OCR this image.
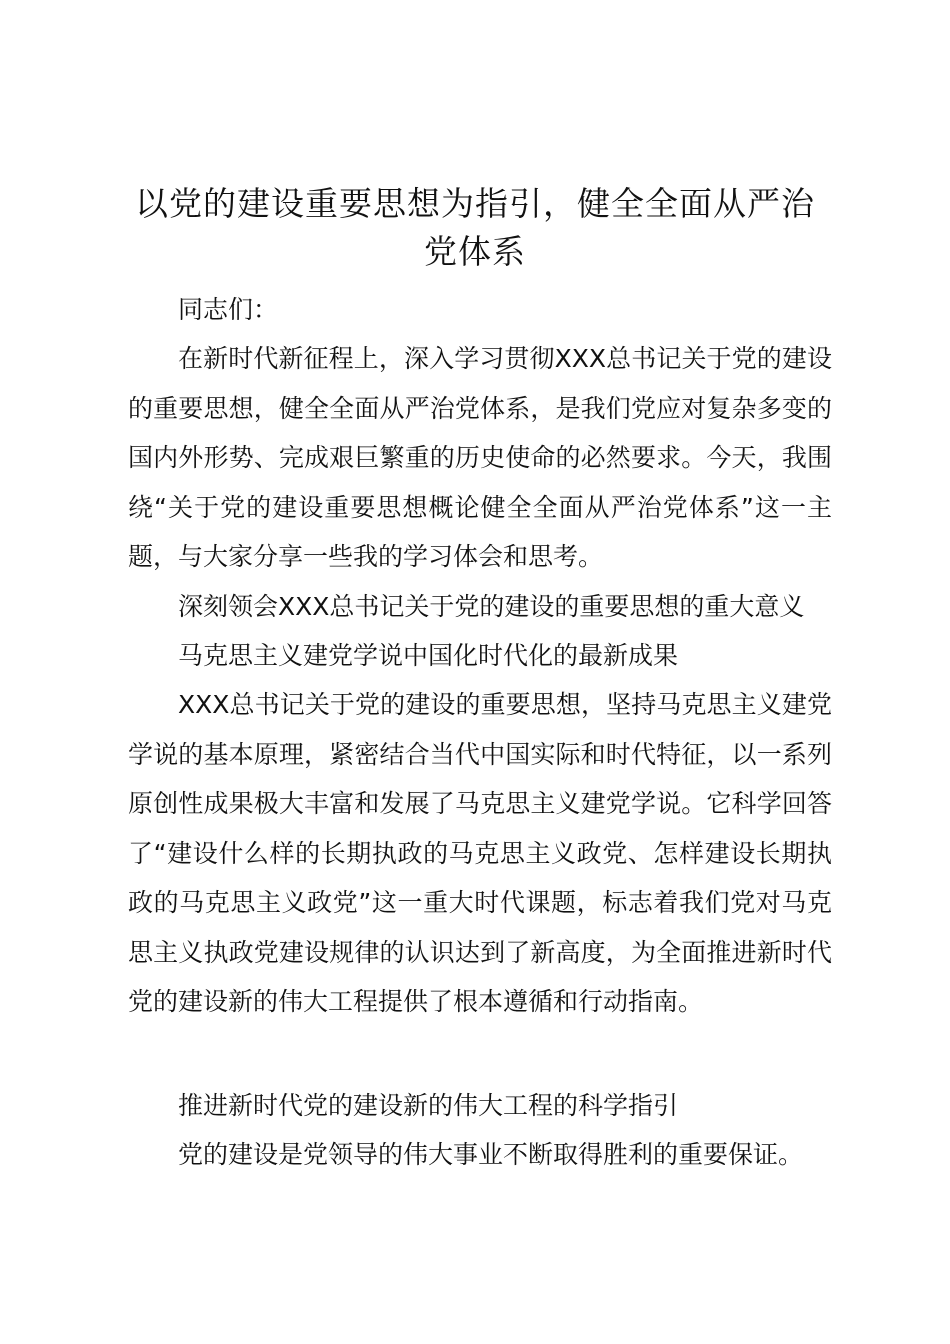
以党的建设重要思想为指引，健全全面从严治党体系

同志们：

在新时代新征程上，深入学习贯彻XXX总书记关于党的建设的重要思想，健全全面从严治党体系，是我们党应对复杂多变的国内外形势、完成艰巨繁重的历史使命的必然要求。今天，我围绕“关于党的建设重要思想概论健全全面从严治党体系”这一主题，与大家分享一些我的学习体会和思考。

深刻领会XXX总书记关于党的建设的重要思想的重大意义

马克思主义建党学说中国化时代化的最新成果

XXX总书记关于党的建设的重要思想，坚持马克思主义建党学说的基本原理，紧密结合当代中国实际和时代特征，以一系列原创性成果极大丰富和发展了马克思主义建党学说。它科学回答了“建设什么样的长期执政的马克思主义政党、怎样建设长期执政的马克思主义政党”这一重大时代课题，标志着我们党对马克思主义执政党建设规律的认识达到了新高度，为全面推进新时代党的建设新的伟大工程提供了根本遵循和行动指南。

推进新时代党的建设新的伟大工程的科学指引

党的建设是党领导的伟大事业不断取得胜利的重要保证。
